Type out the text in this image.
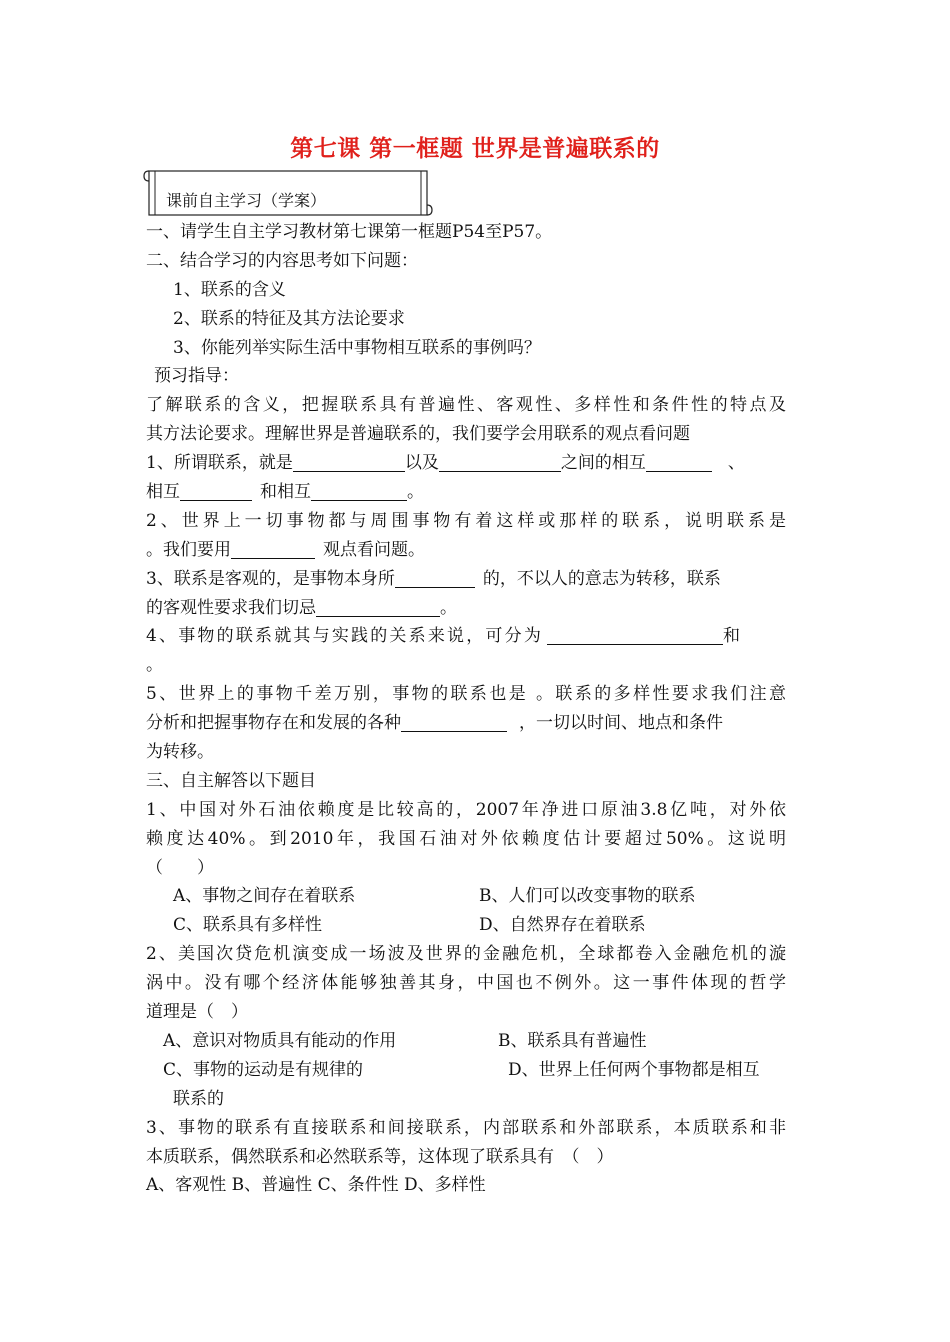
第七课 第一框题 世界是普遍联系的
课前自主学习（学案）
一、请学生自主学习教材第七课第一框题P54至P57。
二、结合学习的内容思考如下问题：
1、联系的含义
2、联系的特征及其方法论要求
3、你能列举实际生活中事物相互联系的事例吗？
预习指导：
了解联系的含义，把握联系具有普遍性、客观性、多样性和条件性的特点及
其方法论要求。理解世界是普遍联系的，我们要学会用联系的观点看问题
1、所谓联系，就是	以及	之间的相互	、
相互	和相互	。
2、世界上一切事物都与周围事物有着这样或那样的联系，说明联系是
。我们要用	观点看问题。
3、联系是客观的，是事物本身所	的，不以人的意志为转移，联系
的客观性要求我们切忌	。
4、事物的联系就其与实践的关系来说，可分为	和
。
5、世界上的事物千差万别，事物的联系也是 。联系的多样性要求我们注意
分析和把握事物存在和发展的各种	，一切以时间、地点和条件
为转移。
三、自主解答以下题目
1、中国对外石油依赖度是比较高的，2007年净进口原油3.8亿吨，对外依
赖度达40%。到2010年，我国石油对外依赖度估计要超过50%。这说明
（　　）
A、事物之间存在着联系	B、人们可以改变事物的联系
C、联系具有多样性	D、自然界存在着联系
2、美国次贷危机演变成一场波及世界的金融危机，全球都卷入金融危机的漩
涡中。没有哪个经济体能够独善其身，中国也不例外。这一事件体现的哲学
道理是（　）
A、意识对物质具有能动的作用	B、联系具有普遍性
C、事物的运动是有规律的	D、世界上任何两个事物都是相互
联系的
3、事物的联系有直接联系和间接联系，内部联系和外部联系，本质联系和非
本质联系，偶然联系和必然联系等，这体现了联系具有　（　）
A、客观性 B、普遍性 C、条件性 D、多样性
